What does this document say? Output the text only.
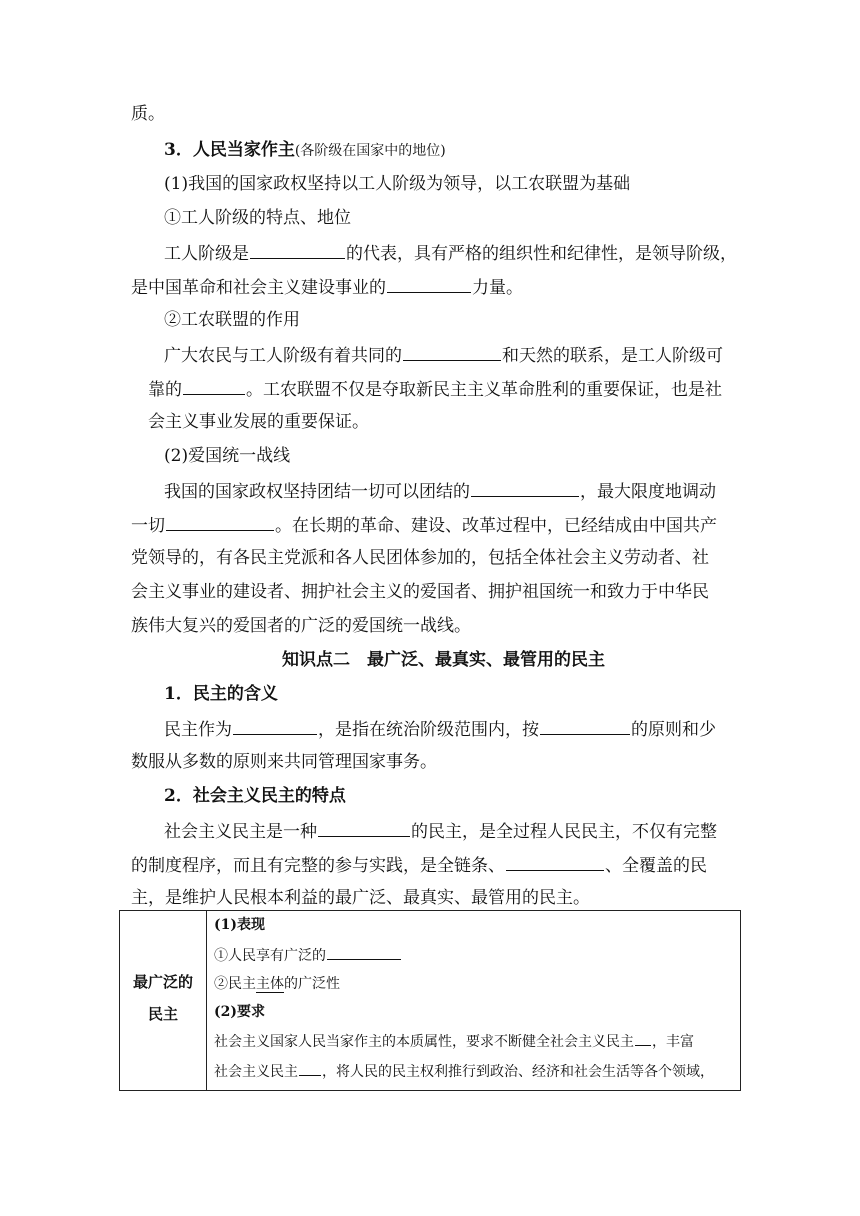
质。
3．人民当家作主(各阶级在国家中的地位)
(1)我国的国家政权坚持以工人阶级为领导，以工农联盟为基础
①工人阶级的特点、地位
工人阶级是	的代表，具有严格的组织性和纪律性，是领导阶级，
是中国革命和社会主义建设事业的	力量。
②工农联盟的作用
广大农民与工人阶级有着共同的	和天然的联系，是工人阶级可
靠的	。工农联盟不仅是夺取新民主主义革命胜利的重要保证，也是社
会主义事业发展的重要保证。
(2)爱国统一战线
我国的国家政权坚持团结一切可以团结的	，最大限度地调动
一切	。在长期的革命、建设、改革过程中，已经结成由中国共产
党领导的，有各民主党派和各人民团体参加的，包括全体社会主义劳动者、社
会主义事业的建设者、拥护社会主义的爱国者、拥护祖国统一和致力于中华民
族伟大复兴的爱国者的广泛的爱国统一战线。
知识点二　最广泛、最真实、最管用的民主
1．民主的含义
民主作为	，是指在统治阶级范围内，按	的原则和少
数服从多数的原则来共同管理国家事务。
2．社会主义民主的特点
社会主义民主是一种	的民主，是全过程人民民主，不仅有完整
的制度程序，而且有完整的参与实践，是全链条、	、全覆盖的民
主，是维护人民根本利益的最广泛、最真实、最管用的民主。
最广泛的
民主
(1)表现
①人民享有广泛的
②民主主体的广泛性
(2)要求
社会主义国家人民当家作主的本质属性，要求不断健全社会主义民主 ，丰富
社会主义民主 ，将人民的民主权利推行到政治、经济和社会生活等各个领域，
